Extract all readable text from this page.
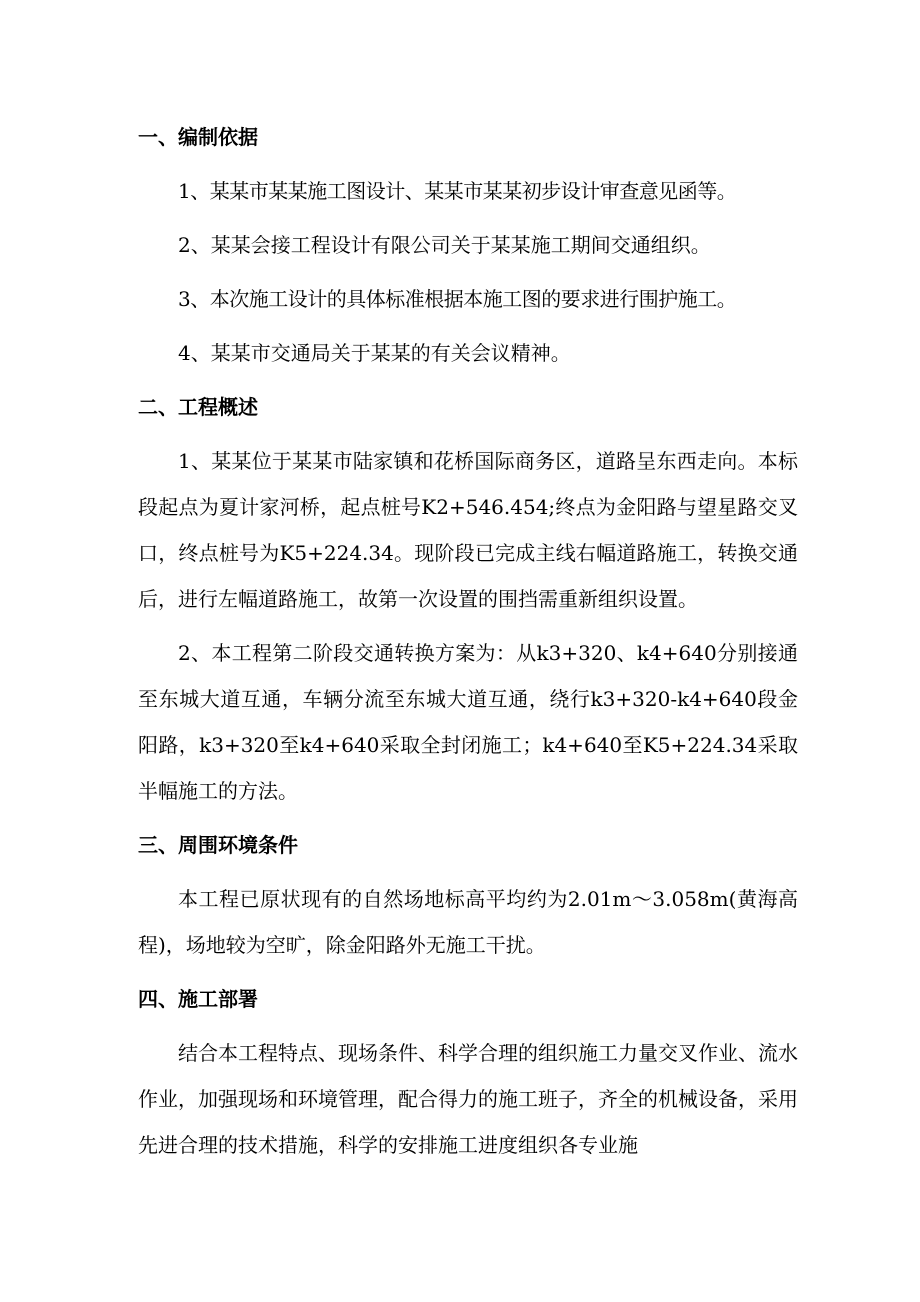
一、编制依据

1、某某市某某施工图设计、某某市某某初步设计审查意见函等。

2、某某会接工程设计有限公司关于某某施工期间交通组织。

3、本次施工设计的具体标准根据本施工图的要求进行围护施工。

4、某某市交通局关于某某的有关会议精神。

二、工程概述

1、某某位于某某市陆家镇和花桥国际商务区，道路呈东西走向。本标段起点为夏计家河桥，起点桩号K2+546.454;终点为金阳路与望星路交叉口，终点桩号为K5+224.34。现阶段已完成主线右幅道路施工，转换交通后，进行左幅道路施工，故第一次设置的围挡需重新组织设置。

2、本工程第二阶段交通转换方案为：从k3+320、k4+640分别接通至东城大道互通，车辆分流至东城大道互通，绕行k3+320-k4+640段金阳路，k3+320至k4+640采取全封闭施工；k4+640至K5+224.34采取半幅施工的方法。

三、周围环境条件

本工程已原状现有的自然场地标高平均约为2.01m～3.058m(黄海高程)，场地较为空旷，除金阳路外无施工干扰。

四、施工部署

结合本工程特点、现场条件、科学合理的组织施工力量交叉作业、流水作业，加强现场和环境管理，配合得力的施工班子，齐全的机械设备，采用先进合理的技术措施，科学的安排施工进度组织各专业施
